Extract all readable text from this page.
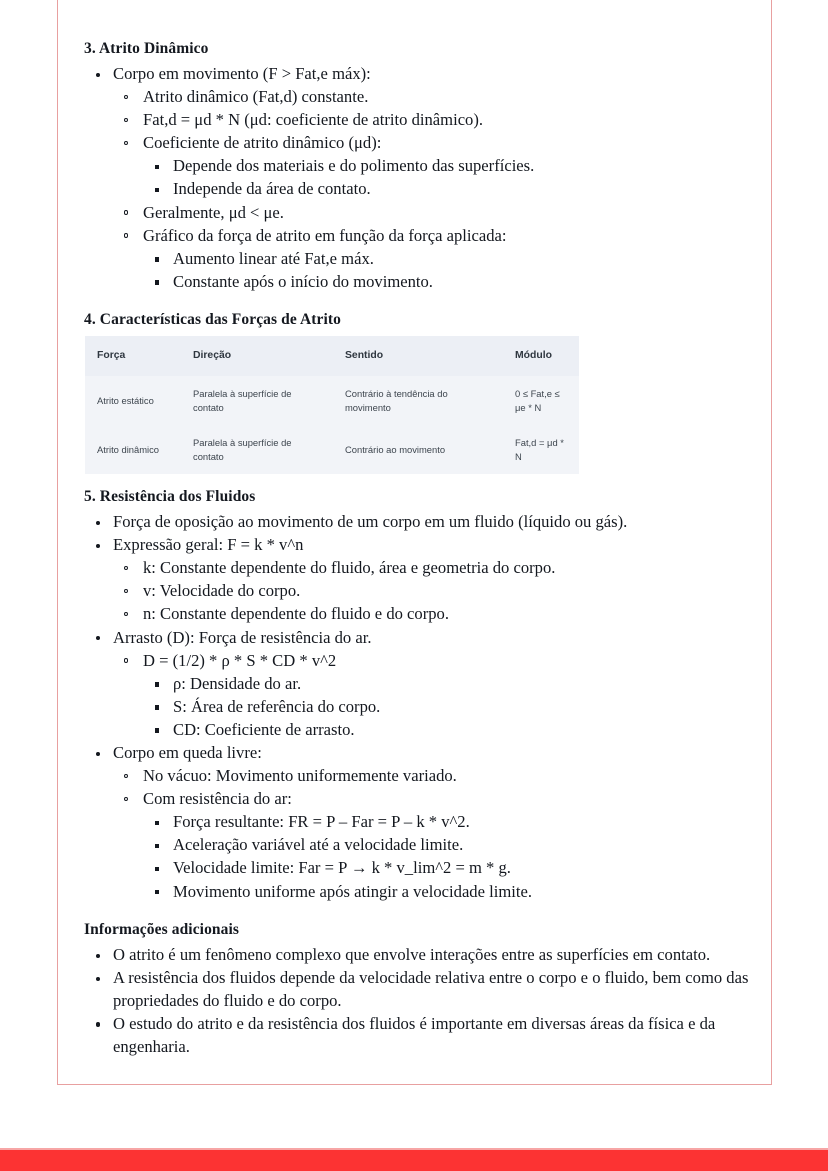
3. Atrito Dinâmico
Corpo em movimento (F > Fat,e máx):
Atrito dinâmico (Fat,d) constante.
Fat,d = μd * N (μd: coeficiente de atrito dinâmico).
Coeficiente de atrito dinâmico (μd):
Depende dos materiais e do polimento das superfícies.
Independe da área de contato.
Geralmente, μd < μe.
Gráfico da força de atrito em função da força aplicada:
Aumento linear até Fat,e máx.
Constante após o início do movimento.
4. Características das Forças de Atrito
Força	Direção	Sentido	Módulo
Atrito estático	Paralela à superfície de contato	Contrário à tendência do movimento	0 ≤ Fat,e ≤ μe * N
Atrito dinâmico	Paralela à superfície de contato	Contrário ao movimento	Fat,d = μd * N
5. Resistência dos Fluidos
Força de oposição ao movimento de um corpo em um fluido (líquido ou gás).
Expressão geral: F = k * v^n
k: Constante dependente do fluido, área e geometria do corpo.
v: Velocidade do corpo.
n: Constante dependente do fluido e do corpo.
Arrasto (D): Força de resistência do ar.
D = (1/2) * ρ * S * CD * v^2
ρ: Densidade do ar.
S: Área de referência do corpo.
CD: Coeficiente de arrasto.
Corpo em queda livre:
No vácuo: Movimento uniformemente variado.
Com resistência do ar:
Força resultante: FR = P – Far = P – k * v^2.
Aceleração variável até a velocidade limite.
Velocidade limite: Far = P → k * v_lim^2 = m * g.
Movimento uniforme após atingir a velocidade limite.
Informações adicionais
O atrito é um fenômeno complexo que envolve interações entre as superfícies em contato.
A resistência dos fluidos depende da velocidade relativa entre o corpo e o fluido, bem como das propriedades do fluido e do corpo.
O estudo do atrito e da resistência dos fluidos é importante em diversas áreas da física e da engenharia.
